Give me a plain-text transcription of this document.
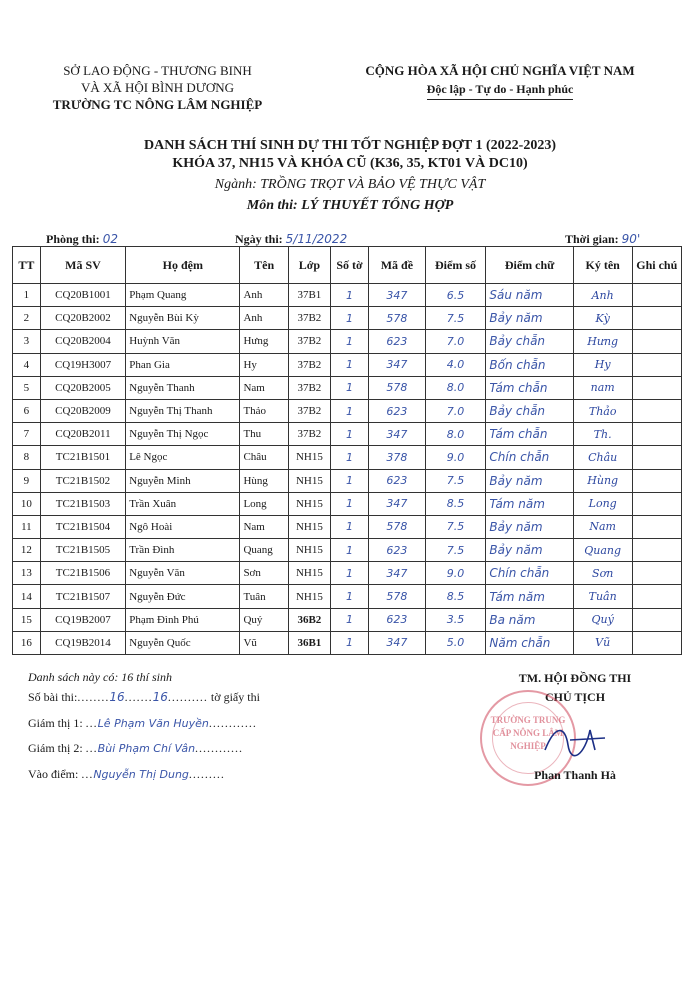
SỞ LAO ĐỘNG - THƯƠNG BINH
VÀ XÃ HỘI BÌNH DƯƠNG
TRƯỜNG TC NÔNG LÂM NGHIỆP
CỘNG HÒA XÃ HỘI CHỦ NGHĨA VIỆT NAM
Độc lập - Tự do - Hạnh phúc
DANH SÁCH THÍ SINH DỰ THI TỐT NGHIỆP ĐỢT 1 (2022-2023)
KHÓA 37, NH15 VÀ KHÓA CŨ (K36, 35, KT01 VÀ DC10)
Ngành: TRỒNG TRỌT VÀ BẢO VỆ THỰC VẬT
Môn thi: LÝ THUYẾT TỔNG HỢP
Phòng thi: 02	Ngày thi: 5/11/2022	Thời gian: 90'
TT	Mã SV	Họ đệm	Tên	Lớp	Số tờ	Mã đề	Điểm số	Điểm chữ	Ký tên	Ghi chú
1	CQ20B1001	Phạm Quang	Anh	37B1	1	347	6.5	Sáu năm	Anh	
2	CQ20B2002	Nguyễn Bùi Kỳ	Anh	37B2	1	578	7.5	Bảy năm	Kỳ	
3	CQ20B2004	Huỳnh Văn	Hưng	37B2	1	623	7.0	Bảy chẵn	Hưng	
4	CQ19H3007	Phan Gia	Hy	37B2	1	347	4.0	Bốn chẵn	Hy	
5	CQ20B2005	Nguyễn Thanh	Nam	37B2	1	578	8.0	Tám chẵn	nam	
6	CQ20B2009	Nguyễn Thị Thanh	Thảo	37B2	1	623	7.0	Bảy chẵn	Thảo	
7	CQ20B2011	Nguyễn Thị Ngọc	Thu	37B2	1	347	8.0	Tám chẵn	Th.	
8	TC21B1501	Lê Ngọc	Châu	NH15	1	378	9.0	Chín chẵn	Châu	
9	TC21B1502	Nguyễn Minh	Hùng	NH15	1	623	7.5	Bảy năm	Hùng	
10	TC21B1503	Trần Xuân	Long	NH15	1	347	8.5	Tám năm	Long	
11	TC21B1504	Ngô Hoài	Nam	NH15	1	578	7.5	Bảy năm	Nam	
12	TC21B1505	Trần Đình	Quang	NH15	1	623	7.5	Bảy năm	Quang	
13	TC21B1506	Nguyễn Văn	Sơn	NH15	1	347	9.0	Chín chẵn	Sơn	
14	TC21B1507	Nguyễn Đức	Tuân	NH15	1	578	8.5	Tám năm	Tuân	
15	CQ19B2007	Phạm Đình Phú	Quý	36B2	1	623	3.5	Ba năm	Quý	
16	CQ19B2014	Nguyễn Quốc	Vũ	36B1	1	347	5.0	Năm chẵn	Vũ	
Danh sách này có: 16 thí sinh
Số bài thi:........16.......16.......... tờ giấy thi
Giám thị 1: ...Lê Phạm Văn Huyền............
Giám thị 2: ...Bùi Phạm Chí Vân............
Vào điểm: ...Nguyễn Thị Dung.........
TM. HỘI ĐỒNG THI
CHỦ TỊCH
TRƯỜNG TRUNG CẤP NÔNG LÂM NGHIỆP
Phan Thanh Hà
